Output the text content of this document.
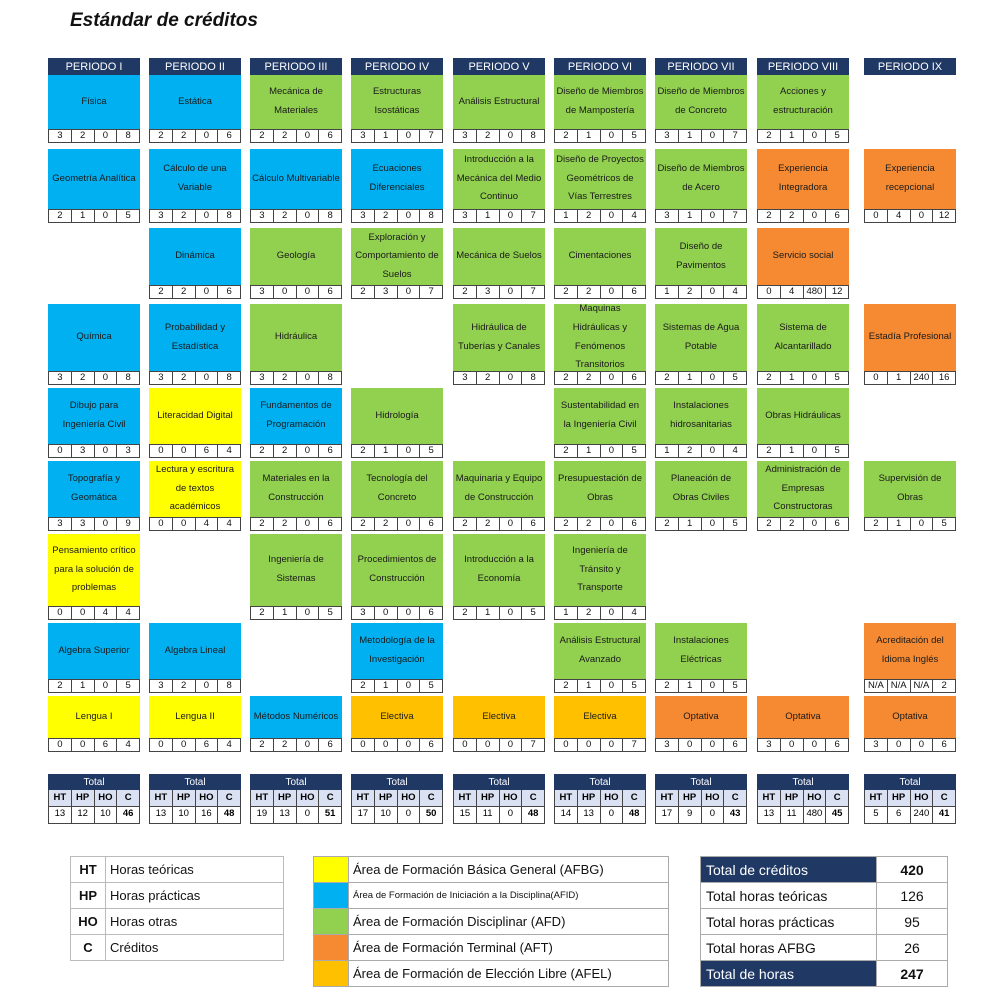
Estándar de créditos
PERIODO I
Física
3	2	0	8
Geometría Analítica
2	1	0	5
Química
3	2	0	8
Dibujo para Ingeniería Civil
0	3	0	3
Topografía y Geomática
3	3	0	9
Pensamiento crítico para la solución de problemas
0	0	4	4
Algebra Superior
2	1	0	5
Lengua I
0	0	6	4
Total
HT	HP HO	C
13	12	10	46
PERIODO II
Estática
2	2	0	6
Cálculo de una Variable
3	2	0	8
Dinámica
2	2	0	6
Probabilidad y Estadística
3	2	0	8
Literacidad Digital
0	0	6	4
Lectura y escritura de textos académicos
0	0	4	4
Algebra Lineal
3	2	0	8
Lengua II
0	0	6	4
Total
HT	HP HO	C
13	10	16	48
PERIODO III
Mecánica de Materiales
2	2	0	6
Cálculo Multivariable
3	2	0	8
Geología
3	0	0	6
Hidráulica
3	2	0	8
Fundamentos de Programación
2	2	0	6
Materiales en la Construcción
2	2	0	6
Ingeniería de Sistemas
2	1	0	5
Métodos Numéricos
2	2	0	6
Total
HT	HP HO	C
19	13	0	51
PERIODO IV
Estructuras Isostáticas
3	1	0	7
Ecuaciones Diferenciales
3	2	0	8
Exploración y Comportamiento de Suelos
2	3	0	7
Hidrología
2	1	0	5
Tecnología del Concreto
2	2	0	6
Procedimientos de Construcción
3	0	0	6
Metodología de la Investigación
2	1	0	5
Electiva
0	0	0	6
Total
HT	HP HO	C
17	10	0	50
PERIODO V
Análisis Estructural
3	2	0	8
Introducción a la Mecánica del Medio Continuo
3	1	0	7
Mecánica de Suelos
2	3	0	7
Hidráulica de Tuberías y Canales
3	2	0	8
Maquinaria y Equipo de Construcción
2	2	0	6
Introducción a la Economía
2	1	0	5
Electiva
0	0	0	7
Total
HT	HP HO	C
15	11	0	48
PERIODO VI
Diseño de Miembros de Mampostería
2	1	0	5
Diseño de Proyectos Geométricos de Vías Terrestres
1	2	0	4
Cimentaciones
2	2	0	6
Maquinas Hidráulicas y Fenómenos Transitorios
2	2	0	6
Sustentabilidad en la Ingeniería Civil
2	1	0	5
Presupuestación de Obras
2	2	0	6
Ingeniería de Tránsito y Transporte
1	2	0	4
Análisis Estructural Avanzado
2	1	0	5
Electiva
0	0	0	7
Total
HT	HP HO	C
14	13	0	48
PERIODO VII
Diseño de Miembros de Concreto
3	1	0	7
Diseño de Miembros de Acero
3	1	0	7
Diseño de Pavimentos
1	2	0	4
Sistemas de Agua Potable
2	1	0	5
Instalaciones hidrosanitarias
1	2	0	4
Planeación de Obras Civiles
2	1	0	5
Instalaciones Eléctricas
2	1	0	5
Optativa
3	0	0	6
Total
HT	HP HO	C
17	9	0	43
PERIODO VIII
Acciones y estructuración
2	1	0	5
Experiencia Integradora
2	2	0	6
Servicio social
0	4	480	12
Sistema de Alcantarillado
2	1	0	5
Obras Hidráulicas
2	1	0	5
Administración de Empresas Constructoras
2	2	0	6
Optativa
3	0	0	6
Total
HT	HP HO	C
13	11	480	45
PERIODO IX
Experiencia recepcional
0	4	0	12
Estadía Profesional
0	1	240	16
Supervisión de Obras
2	1	0	5
Acreditación del Idioma Inglés
N/A N/A N/A	2
Optativa
3	0	0	6
Total
HT	HP HO	C
5	6	240	41
HT	Horas teóricas
HP	Horas prácticas
HO	Horas otras
C	Créditos
	Área de Formación Básica General (AFBG)
	Área de Formación de Iniciación a la Disciplina(AFID)
	Área de Formación Disciplinar (AFD)
	Área de Formación Terminal (AFT)
	Área de Formación de Elección Libre (AFEL)
Total de créditos	420
Total horas teóricas	126
Total horas prácticas	95
Total horas AFBG	26
Total de horas	247
